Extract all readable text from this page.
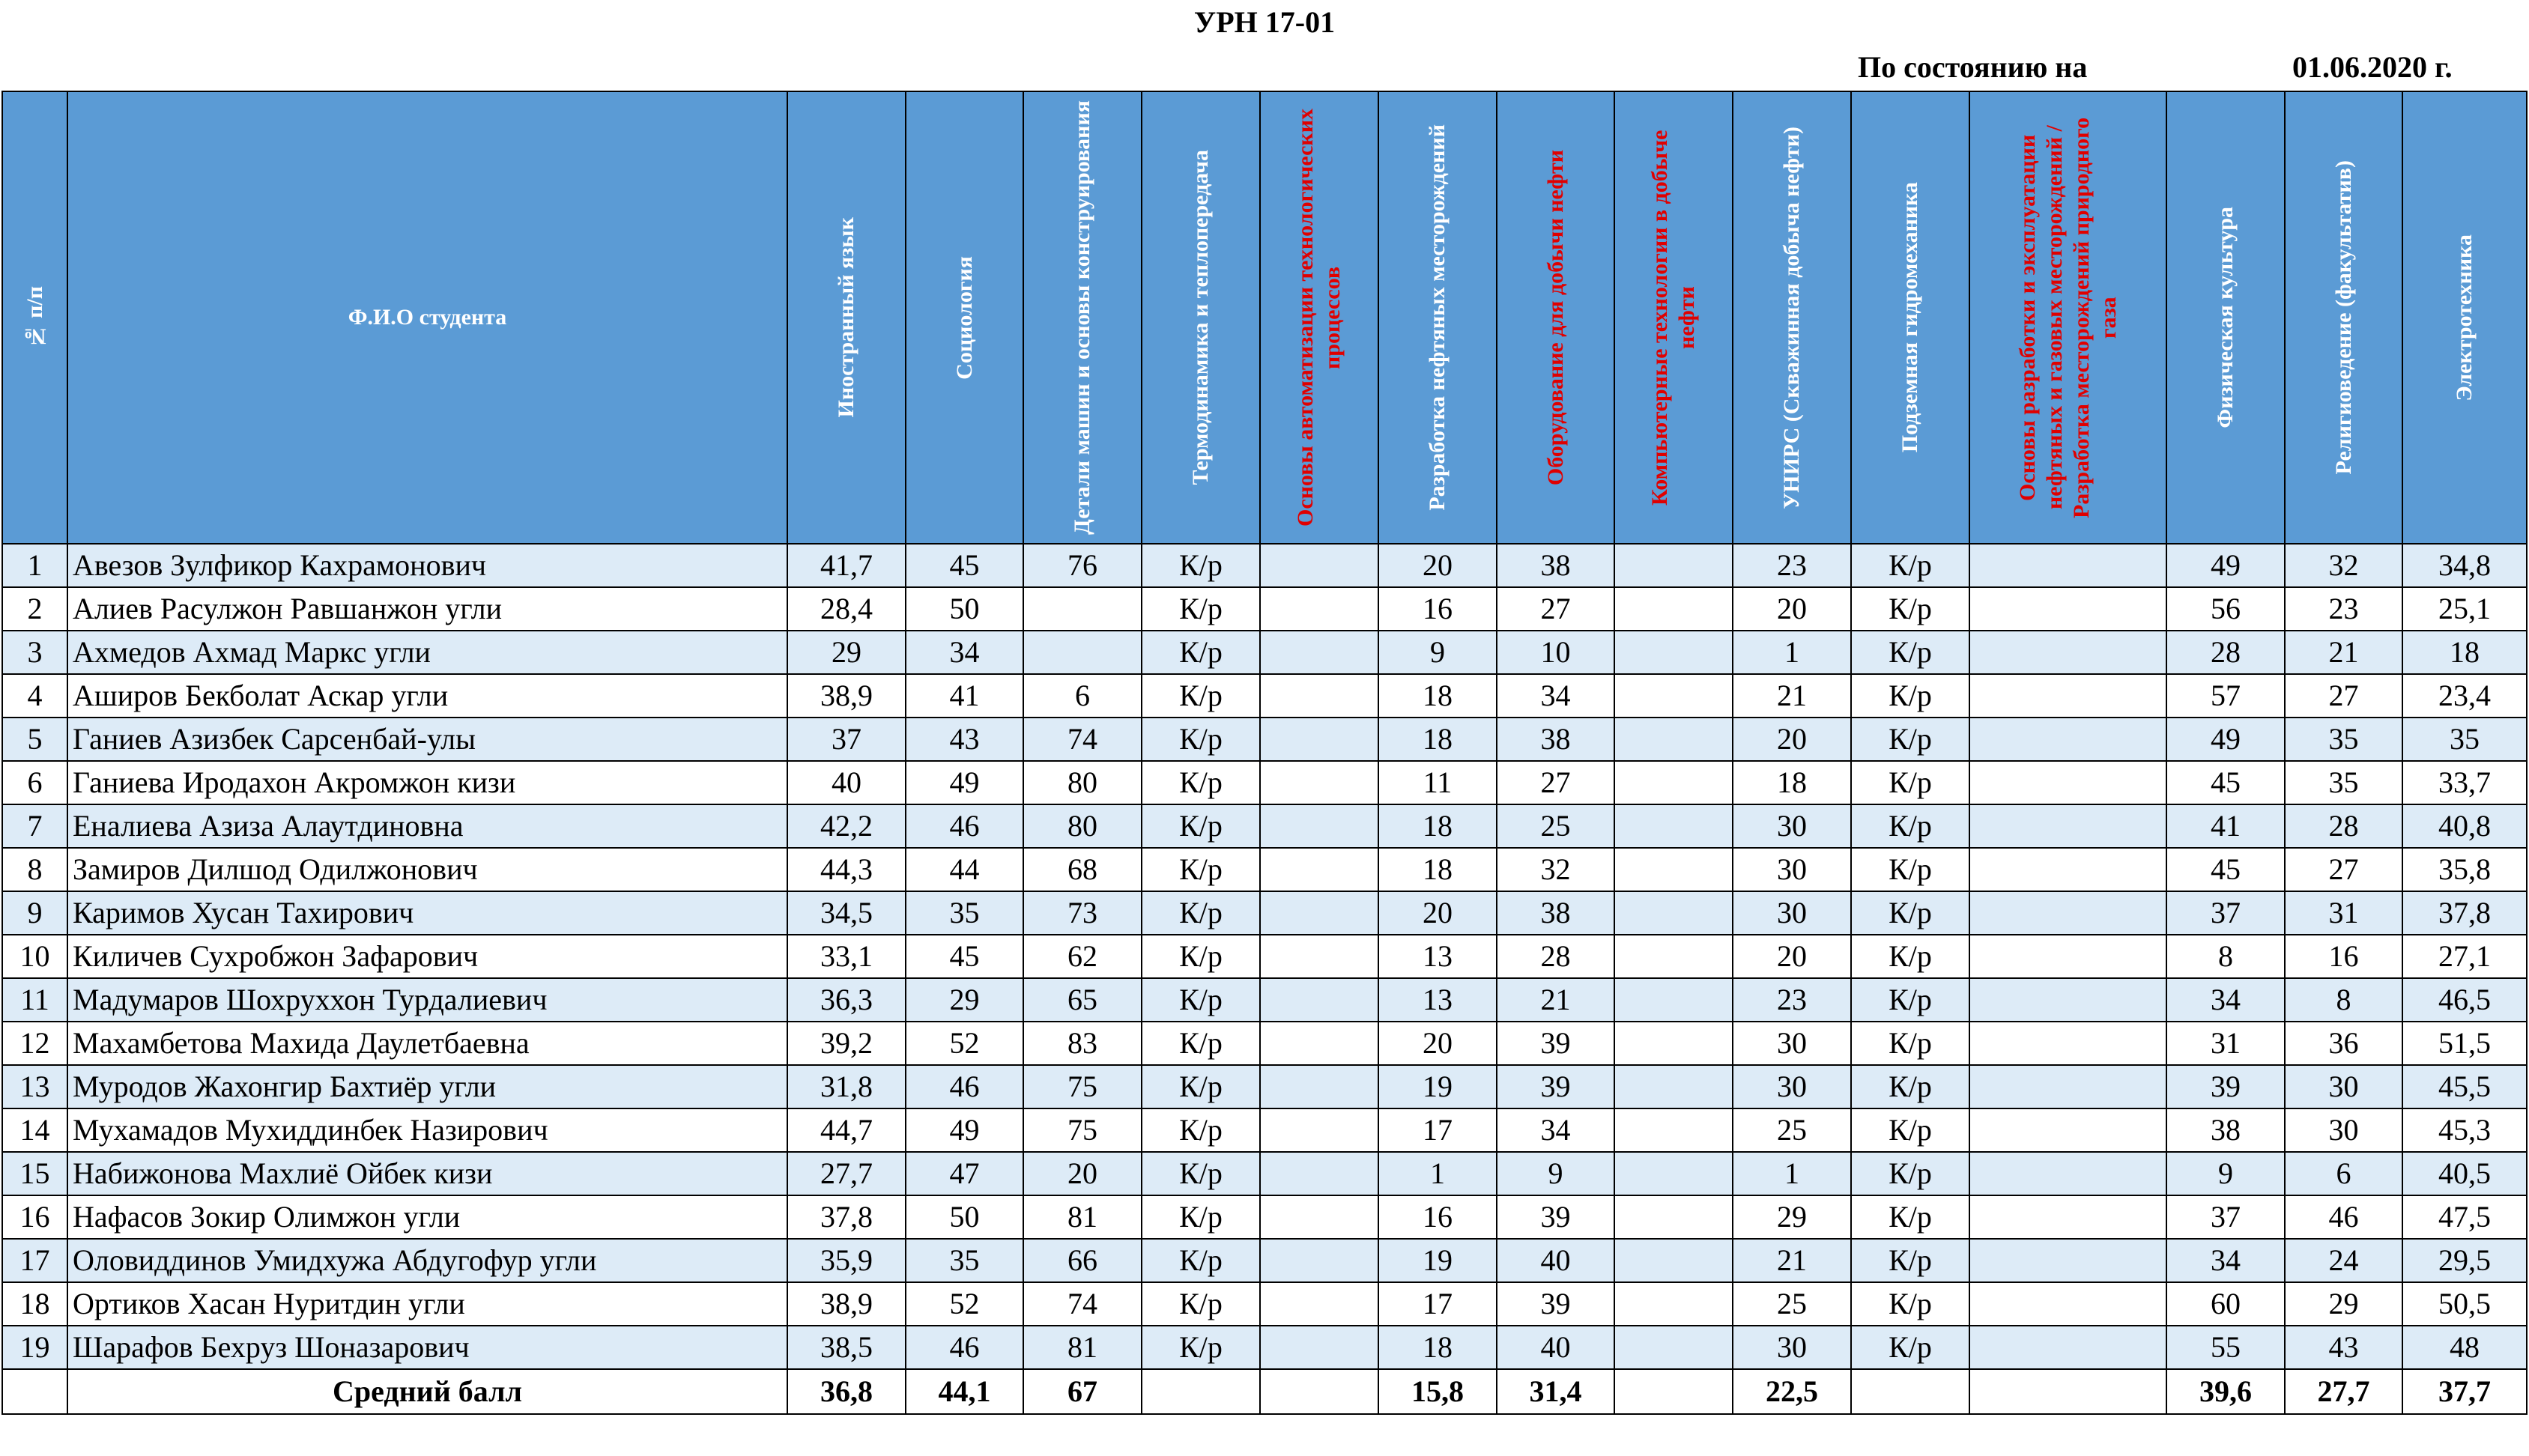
УРН 17-01
По состоянию на	01.06.2020 г.
№ п/п	Ф.И.О студента	Иностранный язык	Социология	Детали машин и основы конструирования	Термодинамика и теплопередача	Основы автоматизации технологических процессов	Разработка нефтяных месторождений	Оборудование для добычи нефти	Компьютерные технологии в добыче нефти	УНИРС (Скважинная добыча нефти)	Подземная гидромеханика	Основы разработки и эксплуатации нефтяных и газовых месторождений / Разработка месторождений природного газа	Физическая культура	Религиоведение (факультатив)	Электротехника

1	Авезов Зулфикор Кахрамонович	41,7	45	76	К/р		20	38		23	К/р		49	32	34,8
2	Алиев Расулжон Равшанжон угли	28,4	50		К/р		16	27		20	К/р		56	23	25,1
3	Ахмедов Ахмад Маркс угли	29	34		К/р		9	10		1	К/р		28	21	18
4	Аширов Бекболат Аскар угли	38,9	41	6	К/р		18	34		21	К/р		57	27	23,4
5	Ганиев Азизбек Сарсенбай-улы	37	43	74	К/р		18	38		20	К/р		49	35	35
6	Ганиева Иродахон Акромжон кизи	40	49	80	К/р		11	27		18	К/р		45	35	33,7
7	Еналиева Азиза Алаутдиновна	42,2	46	80	К/р		18	25		30	К/р		41	28	40,8
8	Замиров Дилшод Одилжонович	44,3	44	68	К/р		18	32		30	К/р		45	27	35,8
9	Каримов Хусан Тахирович	34,5	35	73	К/р		20	38		30	К/р		37	31	37,8
10	Киличев Сухробжон Зафарович	33,1	45	62	К/р		13	28		20	К/р		8	16	27,1
11	Мадумаров Шохруххон Турдалиевич	36,3	29	65	К/р		13	21		23	К/р		34	8	46,5
12	Махамбетова Махида Даулетбаевна	39,2	52	83	К/р		20	39		30	К/р		31	36	51,5
13	Муродов Жахонгир Бахтиёр угли	31,8	46	75	К/р		19	39		30	К/р		39	30	45,5
14	Мухамадов Мухиддинбек Назирович	44,7	49	75	К/р		17	34		25	К/р		38	30	45,3
15	Набижонова Махлиё Ойбек кизи	27,7	47	20	К/р		1	9		1	К/р		9	6	40,5
16	Нафасов Зокир Олимжон угли	37,8	50	81	К/р		16	39		29	К/р		37	46	47,5
17	Оловиддинов Умидхужа Абдугофур угли	35,9	35	66	К/р		19	40		21	К/р		34	24	29,5
18	Ортиков Хасан Нуритдин угли	38,9	52	74	К/р		17	39		25	К/р		60	29	50,5
19	Шарафов Бехруз Шоназарович	38,5	46	81	К/р		18	40		30	К/р		55	43	48
	Средний балл	36,8	44,1	67			15,8	31,4		22,5			39,6	27,7	37,7
